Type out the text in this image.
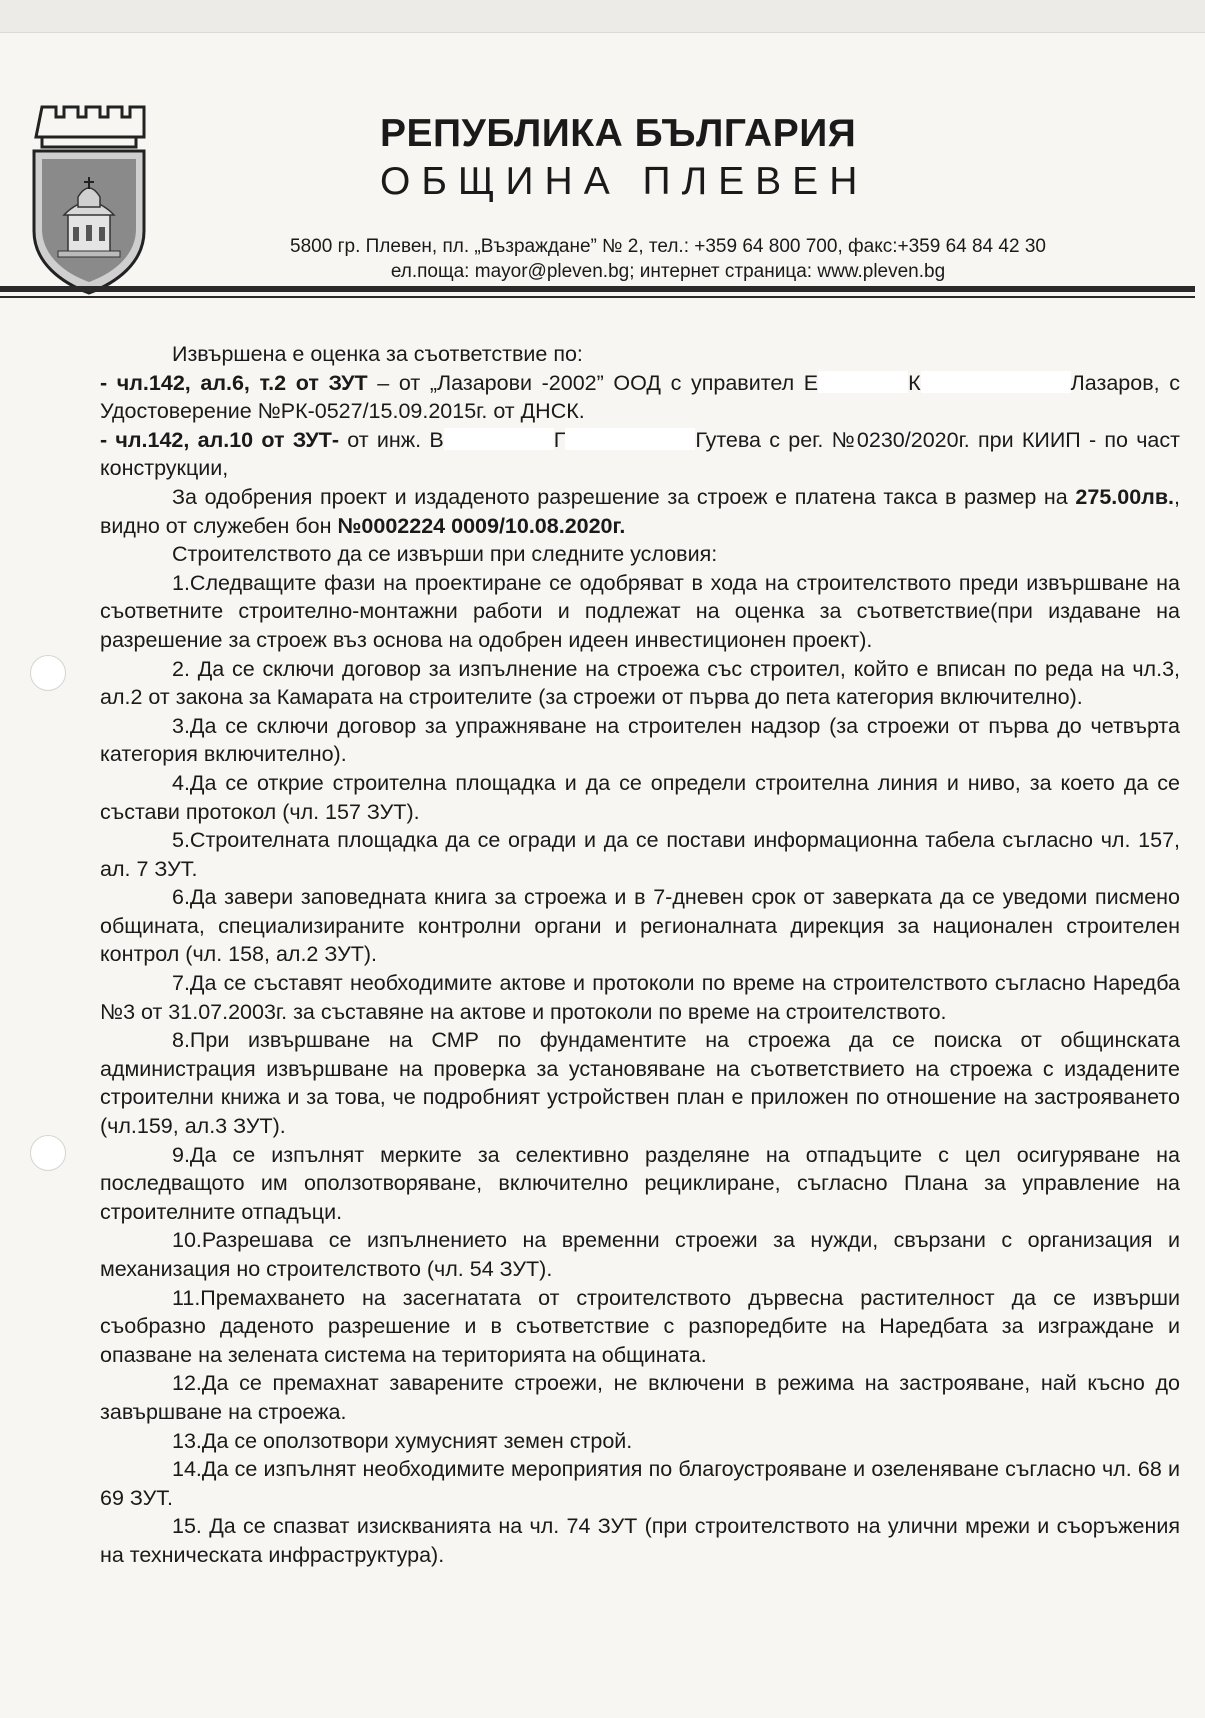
РЕПУБЛИКА БЪЛГАРИЯ
ОБЩИНА ПЛЕВЕН
5800 гр. Плевен, пл. „Възраждане” № 2, тел.: +359 64 800 700, факс:+359 64 84 42 30
ел.поща: mayor@pleven.bg; интернет страница: www.pleven.bg

Извършена е оценка за съответствие по:

- чл.142, ал.6, т.2 от ЗУТ – от „Лазарови -2002” ООД с управител Е	К	Лазаров, с Удостоверение №РК-0527/15.09.2015г. от ДНСК.

- чл.142, ал.10 от ЗУТ- от инж. В	Г	Гутева с рег. №0230/2020г. при КИИП - по част конструкции,

За одобрения проект и издаденото разрешение за строеж е платена такса в размер на 275.00лв., видно от служебен бон №0002224 0009/10.08.2020г.

Строителството да се извърши при следните условия:

1.Следващите фази на проектиране се одобряват в хода на строителството преди извършване на съответните строително-монтажни работи и подлежат на оценка за съответствие(при издаване на разрешение за строеж въз основа на одобрен идеен инвестиционен проект).

2. Да се сключи договор за изпълнение на строежа със строител, който е вписан по реда на чл.3, ал.2 от закона за Камарата на строителите (за строежи от първа до пета категория включително).

3.Да се сключи договор за упражняване на строителен надзор (за строежи от първа до четвърта категория включително).

4.Да се открие строителна площадка и да се определи строителна линия и ниво, за което да се състави протокол (чл. 157 ЗУТ).

5.Строителната площадка да се огради и да се постави информационна табела съгласно чл. 157, ал. 7 ЗУТ.

6.Да завери заповедната книга за строежа и в 7-дневен срок от заверката да се уведоми писмено общината, специализираните контролни органи и регионалната дирекция за национален строителен контрол (чл. 158, ал.2 ЗУТ).

7.Да се съставят необходимите актове и протоколи по време на строителството съгласно Наредба №3 от 31.07.2003г. за съставяне на актове и протоколи по време на строителството.

8.При извършване на СМР по фундаментите на строежа да се поиска от общинската администрация извършване на проверка за установяване на съответствието на строежа с издадените строителни книжа и за това, че подробният устройствен план е приложен по отношение на застрояването (чл.159, ал.3 ЗУТ).

9.Да се изпълнят мерките за селективно разделяне на отпадъците с цел осигуряване на последващото им оползотворяване, включително рециклиране, съгласно Плана за управление на строителните отпадъци.

10.Разрешава се изпълнението на временни строежи за нужди, свързани с организация и механизация но строителството (чл. 54 ЗУТ).

11.Премахването на засегнатата от строителството дървесна растителност да се извърши съобразно даденото разрешение и в съответствие с разпоредбите на Наредбата за изграждане и опазване на зелената система на територията на общината.

12.Да се премахнат заварените строежи, не включени в режима на застрояване, най късно до завършване на строежа.

13.Да се оползотвори хумусният земен строй.

14.Да се изпълнят необходимите мероприятия по благоустрояване и озеленяване съгласно чл. 68 и 69 ЗУТ.

15. Да се спазват изискванията на чл. 74 ЗУТ (при строителството на улични мрежи и съоръжения на техническата инфраструктура).
